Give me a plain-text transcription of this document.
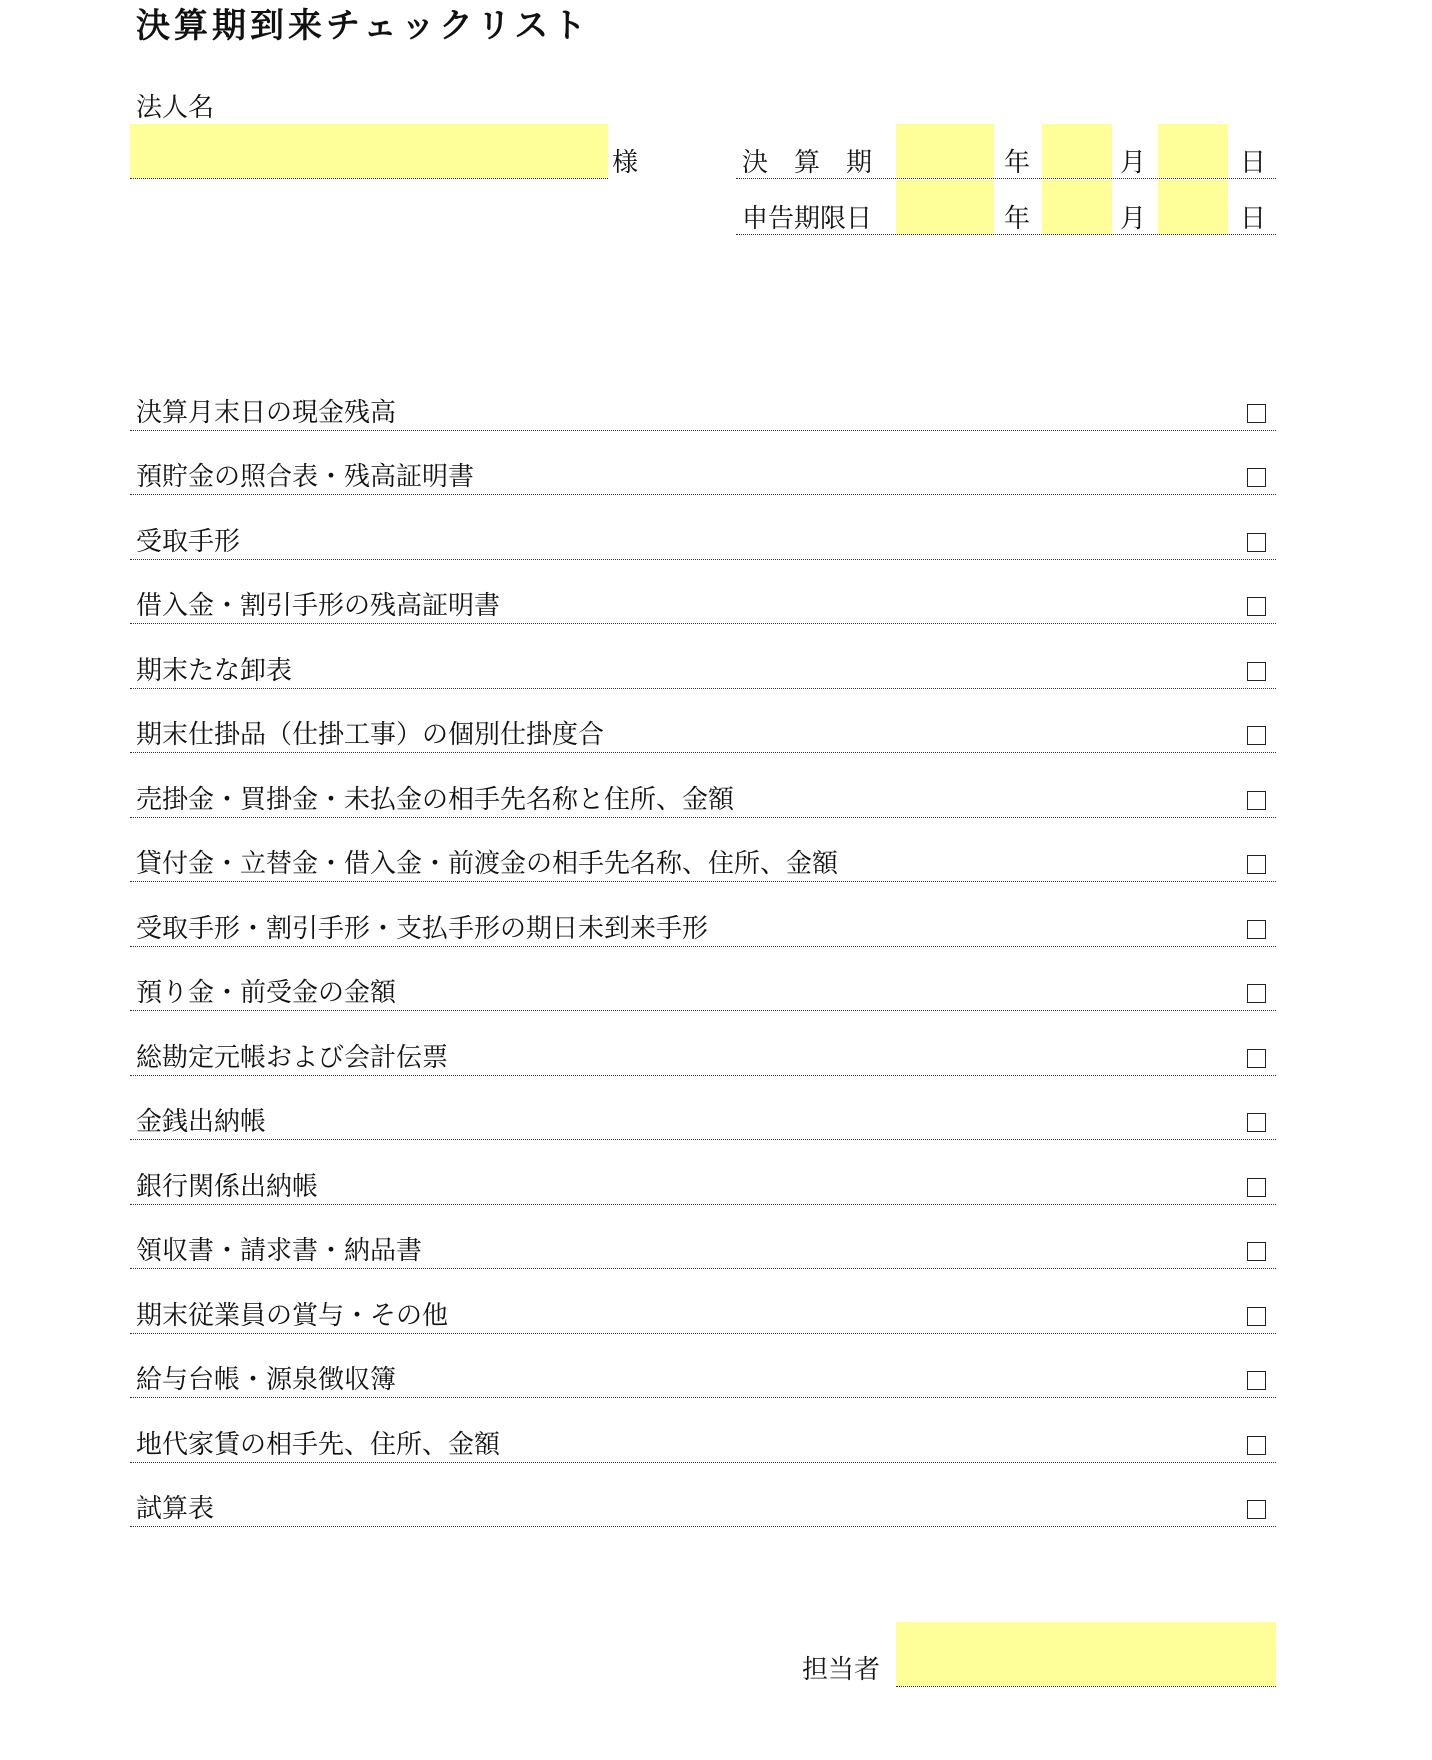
決算期到来チェックリスト
法人名
様	決　算　期	年	月	日
申告期限日	年	月	日
決算月末日の現金残高
預貯金の照合表・残高証明書
受取手形
借入金・割引手形の残高証明書
期末たな卸表
期末仕掛品（仕掛工事）の個別仕掛度合
売掛金・買掛金・未払金の相手先名称と住所、金額
貸付金・立替金・借入金・前渡金の相手先名称、住所、金額
受取手形・割引手形・支払手形の期日未到来手形
預り金・前受金の金額
総勘定元帳および会計伝票
金銭出納帳
銀行関係出納帳
領収書・請求書・納品書
期末従業員の賞与・その他
給与台帳・源泉徴収簿
地代家賃の相手先、住所、金額
試算表
担当者
